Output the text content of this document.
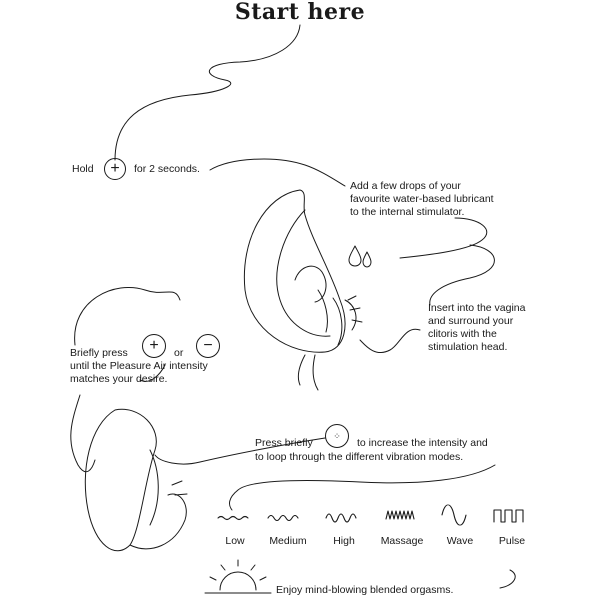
Start here
Hold	+	for 2 seconds.
Add a few drops of your
favourite water-based lubricant
to the internal stimulator.
Insert into the vagina
and surround your
clitoris with the
stimulation head.
Briefly press	+	or	−
until the Pleasure Air intensity
matches your desire.
Press briefly
⁘
to increase the intensity and
to loop through the different vibration modes.
Low	Medium	High	Massage	Wave	Pulse
Enjoy mind-blowing blended orgasms.
